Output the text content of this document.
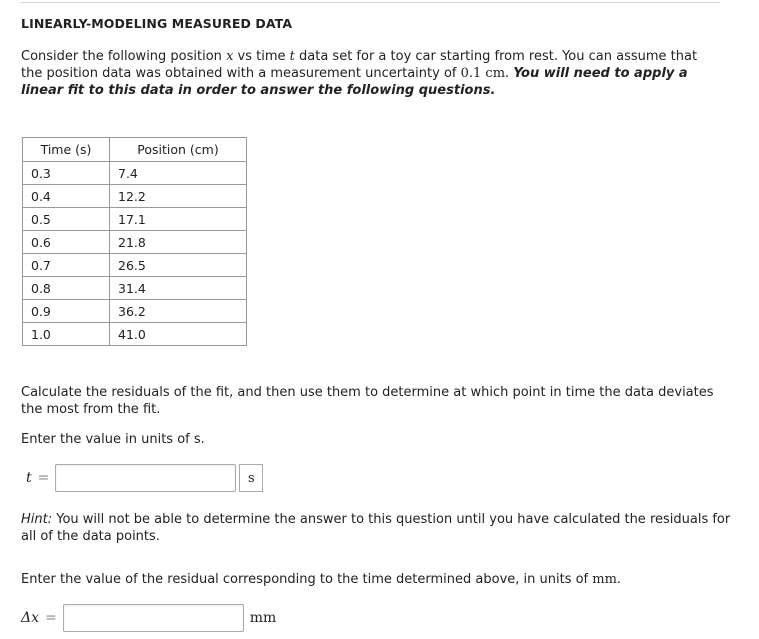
LINEARLY-MODELING MEASURED DATA
Consider the following position x vs time t data set for a toy car starting from rest. You can assume that the position data was obtained with a measurement uncertainty of 0.1 cm. You will need to apply a linear fit to this data in order to answer the following questions.
Time (s)	Position (cm)
0.3	7.4
0.4	12.2
0.5	17.1
0.6	21.8
0.7	26.5
0.8	31.4
0.9	36.2
1.0	41.0
Calculate the residuals of the fit, and then use them to determine at which point in time the data deviates the most from the fit.
Enter the value in units of s.
t =	s
Hint: You will not be able to determine the answer to this question until you have calculated the residuals for all of the data points.
Enter the value of the residual corresponding to the time determined above, in units of mm.
Δx =	mm
